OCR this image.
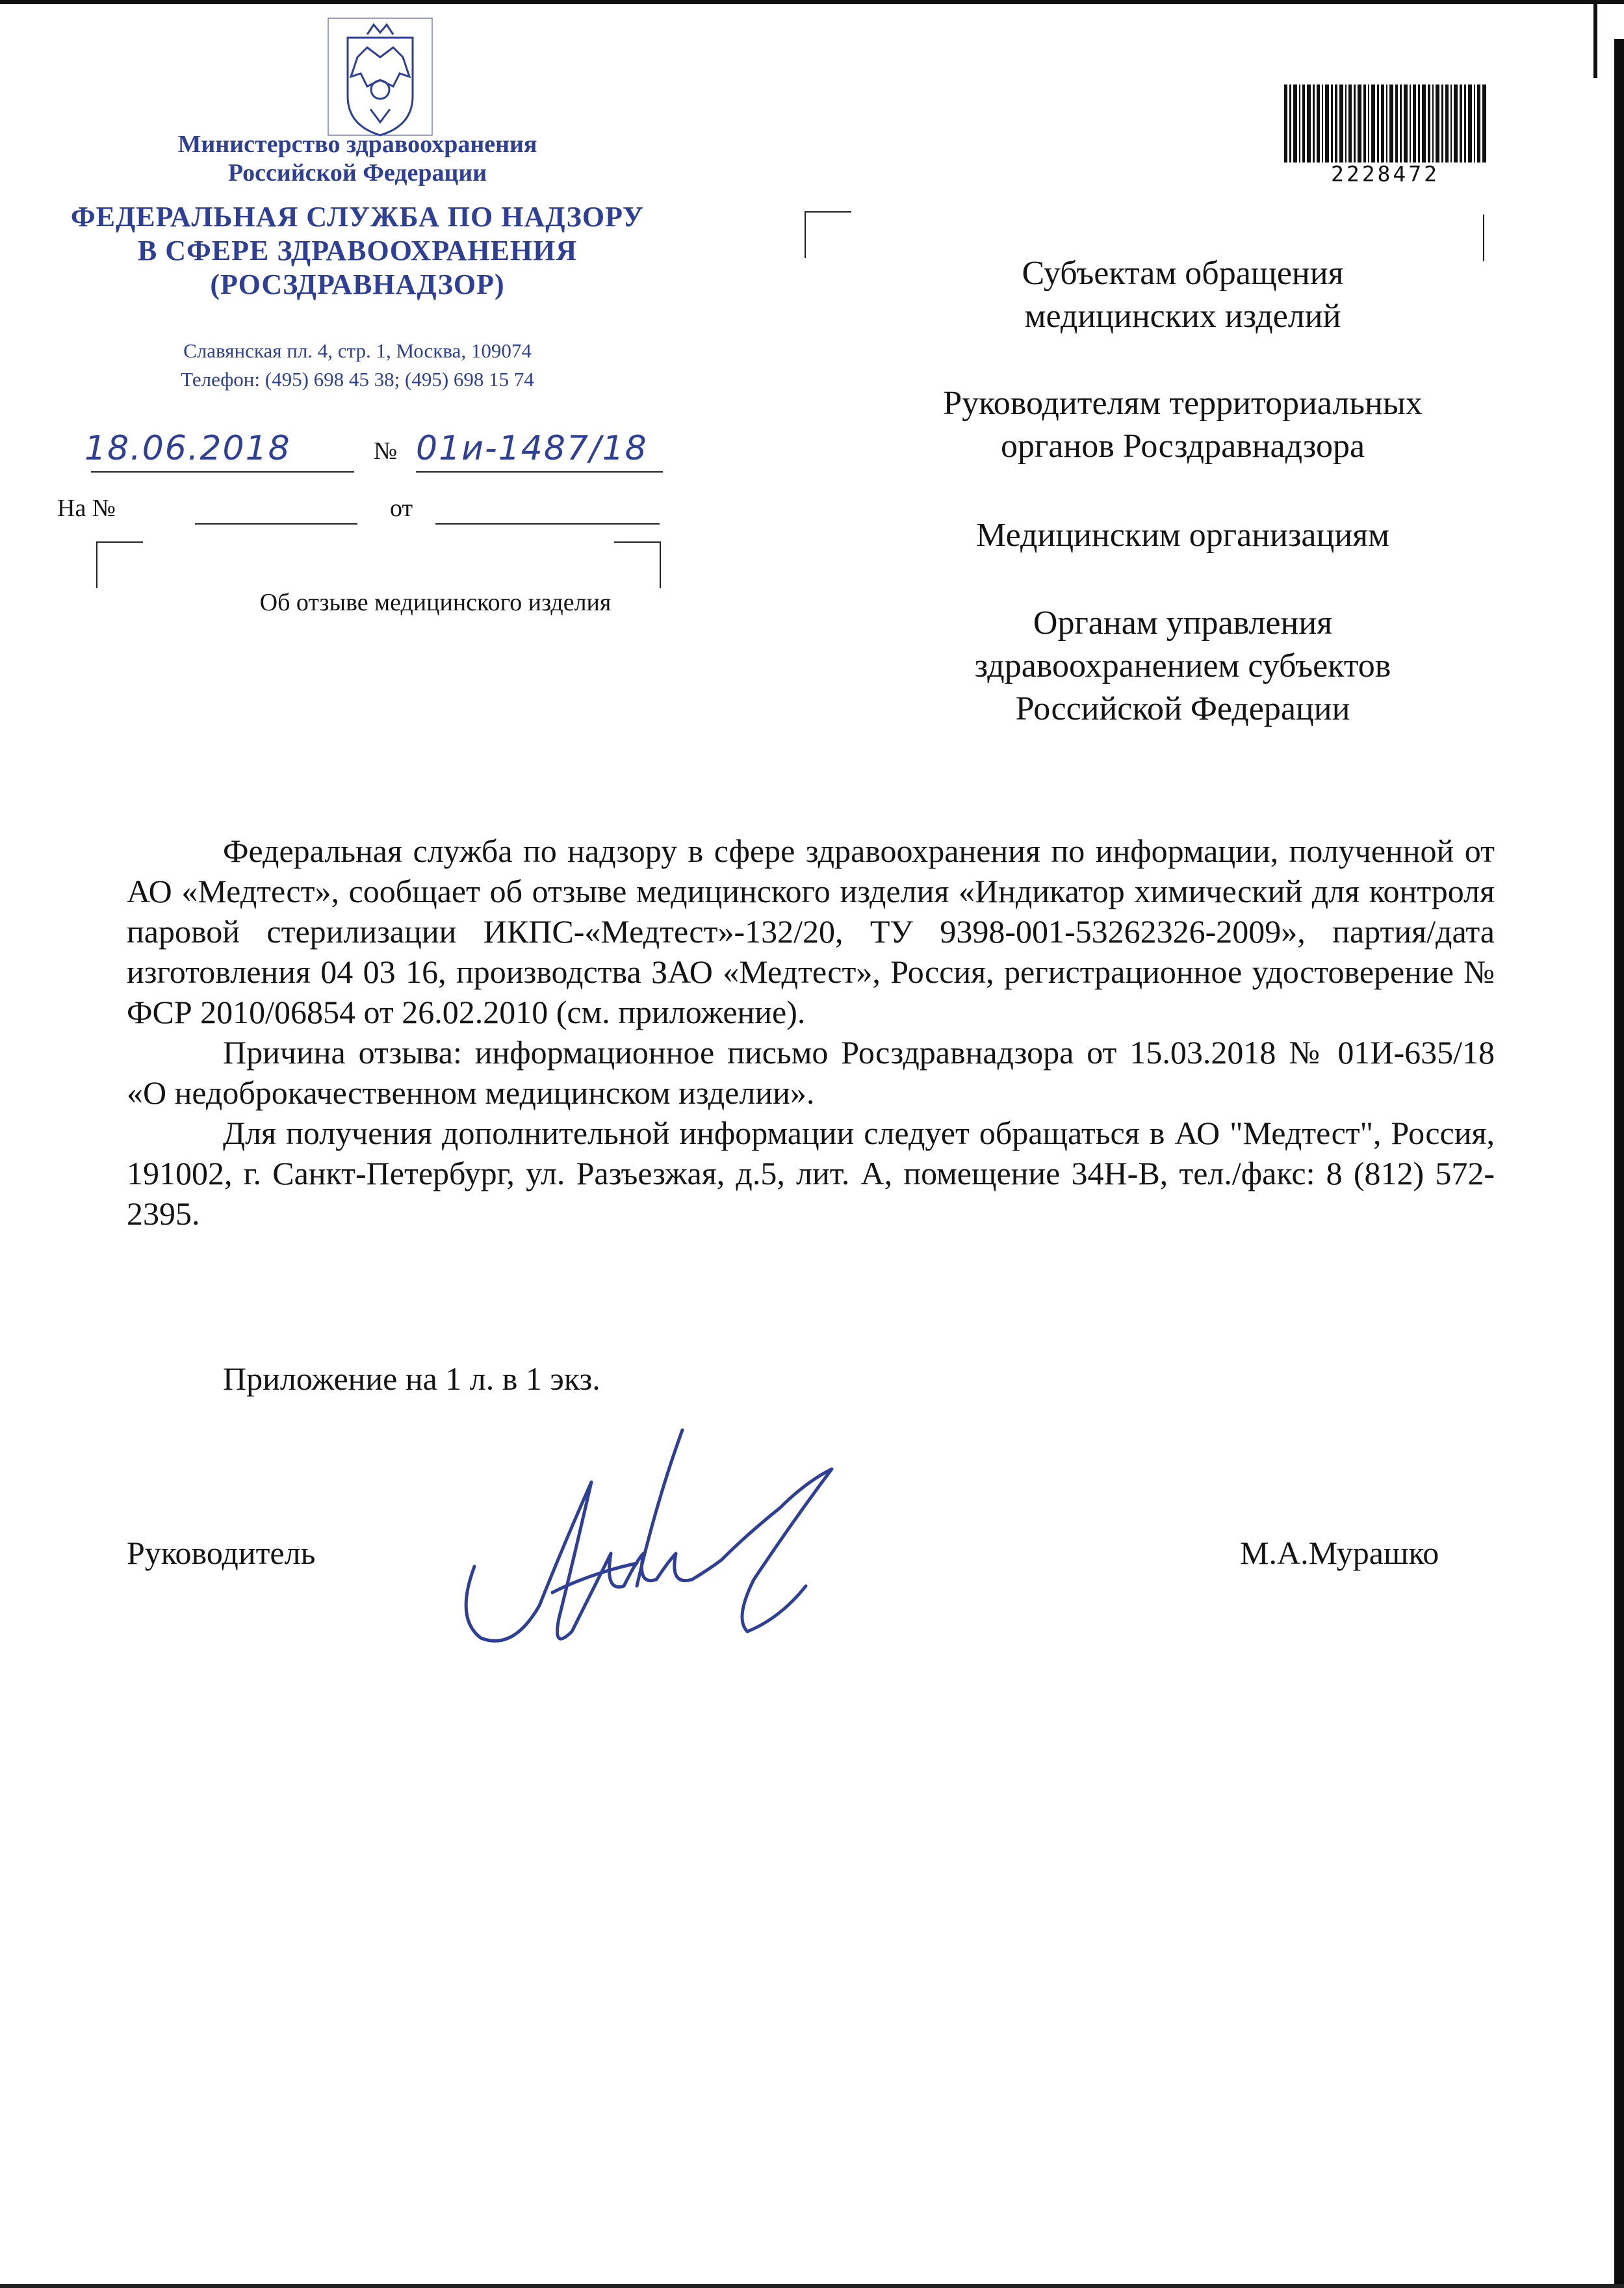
Министерство здравоохранения
Российской Федерации
ФЕДЕРАЛЬНАЯ СЛУЖБА ПО НАДЗОРУ
В СФЕРЕ ЗДРАВООХРАНЕНИЯ
(РОСЗДРАВНАДЗОР)
Славянская пл. 4, стр. 1, Москва, 109074
Телефон: (495) 698 45 38; (495) 698 15 74
18.06.2018	№ 01и-1487/18
На №	от
Об отзыве медицинского изделия
2228472
Субъектам обращения
медицинских изделий
Руководителям территориальных
органов Росздравнадзора
Медицинским организациям
Органам управления
здравоохранением субъектов
Российской Федерации

Федеральная служба по надзору в сфере здравоохранения по информации, полученной от АО «Медтест», сообщает об отзыве медицинского изделия «Индикатор химический для контроля паровой стерилизации ИКПС-«Медтест»-132/20, ТУ 9398-001-53262326-2009», партия/дата изготовления 04 03 16, производства ЗАО «Медтест», Россия, регистрационное удостоверение № ФСР 2010/06854 от 26.02.2010 (см. приложение).

Причина отзыва: информационное письмо Росздравнадзора от 15.03.2018 № 01И-635/18 «О недоброкачественном медицинском изделии».

Для получения дополнительной информации следует обращаться в АО "Медтест", Россия, 191002, г. Санкт-Петербург, ул. Разъезжая, д.5, лит. А, помещение 34Н-В, тел./факс: 8 (812) 572-2395.

Приложение на 1 л. в 1 экз.
Руководитель	М.А.Мурашко
